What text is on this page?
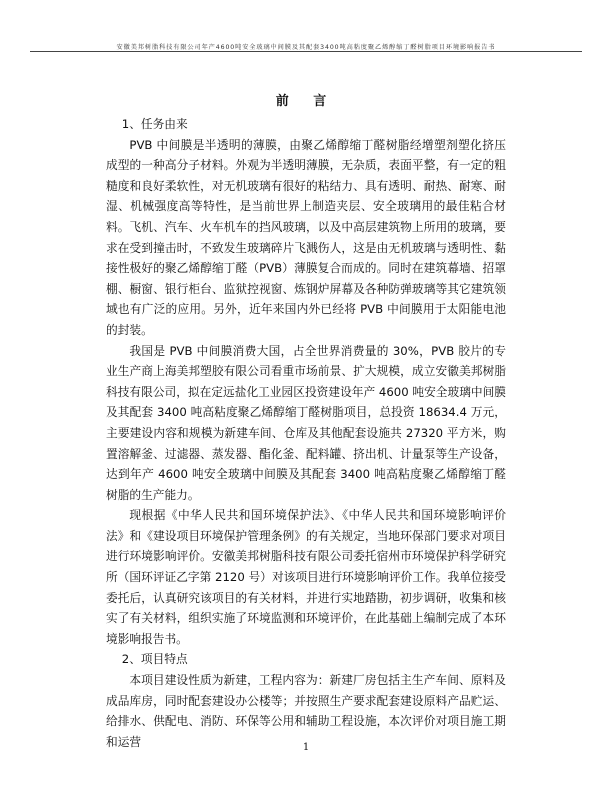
安徽美邦树脂科技有限公司年产4600吨安全玻璃中间膜及其配套3400吨高粘度聚乙烯醇缩丁醛树脂项目环境影响报告书
前 言

1、任务由来

PVB 中间膜是半透明的薄膜，由聚乙烯醇缩丁醛树脂经增塑剂塑化挤压成型的一种高分子材料。外观为半透明薄膜，无杂质，表面平整，有一定的粗糙度和良好柔软性，对无机玻璃有很好的粘结力、具有透明、耐热、耐寒、耐湿、机械强度高等特性，是当前世界上制造夹层、安全玻璃用的最佳粘合材料。飞机、汽车、火车机车的挡风玻璃，以及中高层建筑物上所用的玻璃，要求在受到撞击时，不致发生玻璃碎片飞溅伤人，这是由无机玻璃与透明性、黏接性极好的聚乙烯醇缩丁醛（PVB）薄膜复合而成的。同时在建筑幕墙、招罩棚、橱窗、银行柜台、监狱控视窗、炼钢炉屏幕及各种防弹玻璃等其它建筑领域也有广泛的应用。另外，近年来国内外已经将 PVB 中间膜用于太阳能电池的封装。

我国是 PVB 中间膜消费大国，占全世界消费量的 30%，PVB 胶片的专业生产商上海美邦塑胶有限公司看重市场前景、扩大规模，成立安徽美邦树脂科技有限公司，拟在定远盐化工业园区投资建设年产 4600 吨安全玻璃中间膜及其配套 3400 吨高粘度聚乙烯醇缩丁醛树脂项目，总投资 18634.4 万元，主要建设内容和规模为新建车间、仓库及其他配套设施共 27320 平方米，购置溶解釜、过滤器、蒸发器、酯化釜、配料罐、挤出机、计量泵等生产设备，达到年产 4600 吨安全玻璃中间膜及其配套 3400 吨高粘度聚乙烯醇缩丁醛树脂的生产能力。

现根据《中华人民共和国环境保护法》、《中华人民共和国环境影响评价法》和《建设项目环境保护管理条例》的有关规定，当地环保部门要求对项目进行环境影响评价。安徽美邦树脂科技有限公司委托宿州市环境保护科学研究所（国环评证乙字第 2120 号）对该项目进行环境影响评价工作。我单位接受委托后，认真研究该项目的有关材料，并进行实地踏勘，初步调研，收集和核实了有关材料，组织实施了环境监测和环境评价，在此基础上编制完成了本环境影响报告书。

2、项目特点

本项目建设性质为新建，工程内容为：新建厂房包括主生产车间、原料及成品库房，同时配套建设办公楼等；并按照生产要求配套建设原料产品贮运、给排水、供配电、消防、环保等公用和辅助工程设施，本次评价对项目施工期和运营	1
